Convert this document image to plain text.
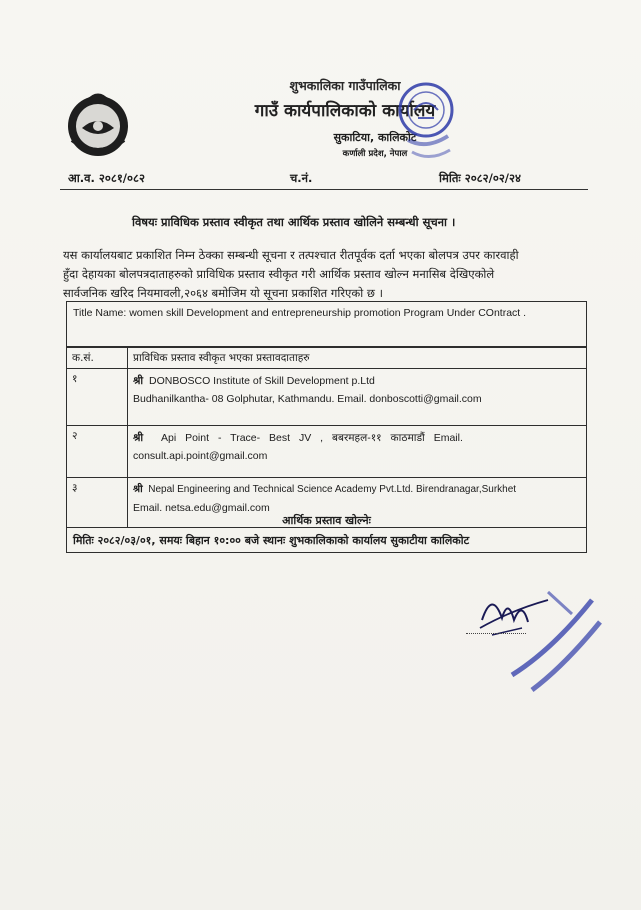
शुभकालिका गाउँपालिका
गाउँ कार्यपालिकाको कार्यालय
सुकाटिया, कालिकोट
कर्णाली प्रदेश, नेपाल
आ.व. २०८१/०८२	च.नं.	मितिः २०८२/०२/२४
विषयः प्राविधिक प्रस्ताव स्वीकृत तथा आर्थिक प्रस्ताव खोलिने सम्बन्धी सूचना ।
यस कार्यालयबाट प्रकाशित निम्न ठेक्का सम्बन्धी सूचना र तत्पश्चात रीतपूर्वक दर्ता भएका बोलपत्र उपर कारवाही
हुँदा देहायका बोलपत्रदाताहरुको प्राविधिक प्रस्ताव स्वीकृत गरी आर्थिक प्रस्ताव खोल्न मनासिब देखिएकोले
सार्वजनिक खरिद नियमावली,२०६४ बमोजिम यो सूचना प्रकाशित गरिएको छ ।
Title Name: women skill Development and entrepreneurship promotion Program Under COntract .
क.सं.	प्राविधिक प्रस्ताव स्वीकृत भएका प्रस्तावदाताहरु
१	श्री DONBOSCO Institute of Skill Development p.Ltd
Budhanilkantha- 08 Golphutar, Kathmandu. Email. donboscotti@gmail.com

२	श्री Api Point - Trace- Best JV , बबरमहल-११ काठमाडौं Email.
consult.api.point@gmail.com

३	श्री Nepal Engineering and Technical Science Academy Pvt.Ltd. Birendranagar,Surkhet
Email. netsa.edu@gmail.com
आर्थिक प्रस्ताव खोल्नेः
मितिः २०८२/०३/०१, समयः बिहान १०:०० बजे स्थानः शुभकालिकाको कार्यालय सुकाटीया कालिकोट
